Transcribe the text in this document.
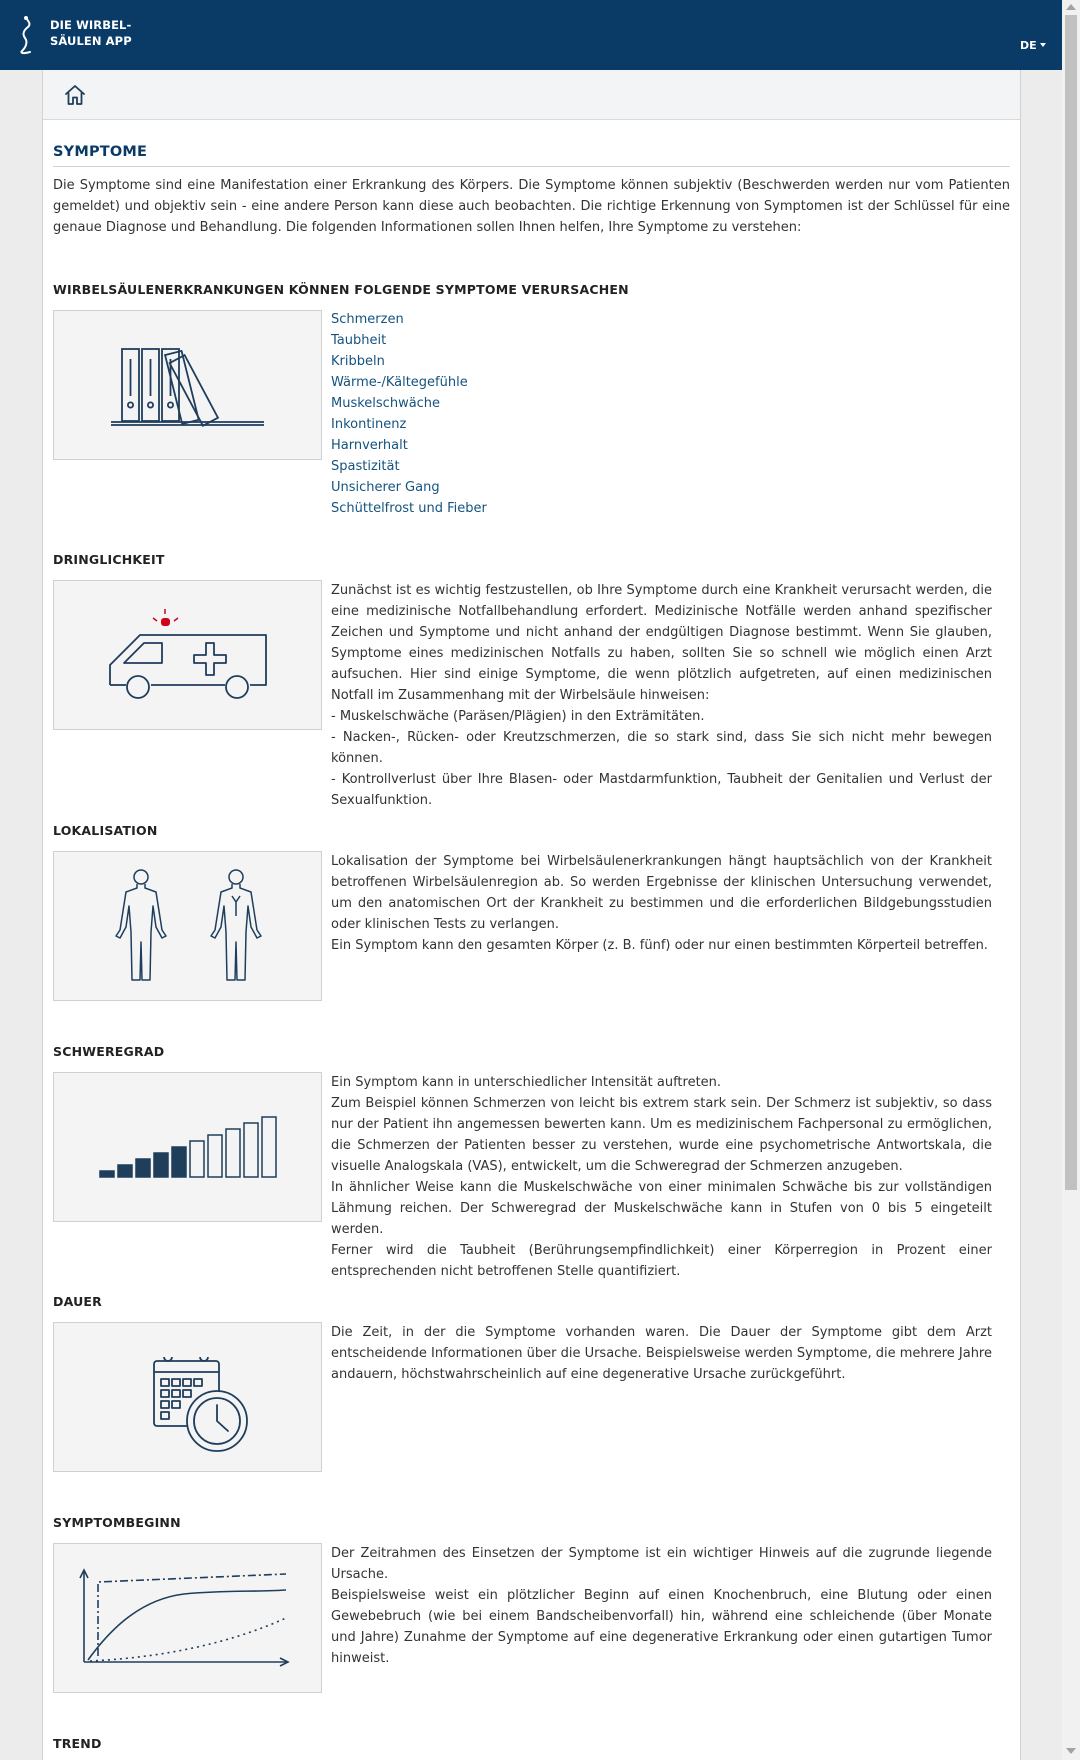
DIE WIRBEL-
SÄULEN APP	DE
SYMPTOME
Die Symptome sind eine Manifestation einer Erkrankung des Körpers. Die Symptome können subjektiv (Beschwerden werden nur vom Patienten gemeldet) und objektiv sein - eine andere Person kann diese auch beobachten. Die richtige Erkennung von Symptomen ist der Schlüssel für eine genaue Diagnose und Behandlung. Die folgenden Informationen sollen Ihnen helfen, Ihre Symptome zu verstehen:
WIRBELSÄULENERKRANKUNGEN KÖNNEN FOLGENDE SYMPTOME VERURSACHEN
Schmerzen
Taubheit
Kribbeln
Wärme-/Kältegefühle
Muskelschwäche
Inkontinenz
Harnverhalt
Spastizität
Unsicherer Gang
Schüttelfrost und Fieber
DRINGLICHKEIT
Zunächst ist es wichtig festzustellen, ob Ihre Symptome durch eine Krankheit verursacht werden, die eine medizinische Notfallbehandlung erfordert. Medizinische Notfälle werden anhand spezifischer Zeichen und Symptome und nicht anhand der endgültigen Diagnose bestimmt. Wenn Sie glauben, Symptome eines medizinischen Notfalls zu haben, sollten Sie so schnell wie möglich einen Arzt aufsuchen. Hier sind einige Symptome, die wenn plötzlich aufgetreten, auf einen medizinischen Notfall im Zusammenhang mit der Wirbelsäule hinweisen:
- Muskelschwäche (Paräsen/Plägien) in den Exträmitäten.
- Nacken-, Rücken- oder Kreutzschmerzen, die so stark sind, dass Sie sich nicht mehr bewegen können.
- Kontrollverlust über Ihre Blasen- oder Mastdarmfunktion, Taubheit der Genitalien und Verlust der Sexualfunktion.
LOKALISATION
Lokalisation der Symptome bei Wirbelsäulenerkrankungen hängt hauptsächlich von der Krankheit betroffenen Wirbelsäulenregion ab. So werden Ergebnisse der klinischen Untersuchung verwendet, um den anatomischen Ort der Krankheit zu bestimmen und die erforderlichen Bildgebungsstudien oder klinischen Tests zu verlangen.
Ein Symptom kann den gesamten Körper (z. B. fünf) oder nur einen bestimmten Körperteil betreffen.
SCHWEREGRAD
Ein Symptom kann in unterschiedlicher Intensität auftreten.
Zum Beispiel können Schmerzen von leicht bis extrem stark sein. Der Schmerz ist subjektiv, so dass nur der Patient ihn angemessen bewerten kann. Um es medizinischem Fachpersonal zu ermöglichen, die Schmerzen der Patienten besser zu verstehen, wurde eine psychometrische Antwortskala, die visuelle Analogskala (VAS), entwickelt, um die Schweregrad der Schmerzen anzugeben.
In ähnlicher Weise kann die Muskelschwäche von einer minimalen Schwäche bis zur vollständigen Lähmung reichen. Der Schweregrad der Muskelschwäche kann in Stufen von 0 bis 5 eingeteilt werden.
Ferner wird die Taubheit (Berührungsempfindlichkeit) einer Körperregion in Prozent einer entsprechenden nicht betroffenen Stelle quantifiziert.
DAUER
Die Zeit, in der die Symptome vorhanden waren. Die Dauer der Symptome gibt dem Arzt entscheidende Informationen über die Ursache. Beispielsweise werden Symptome, die mehrere Jahre andauern, höchstwahrscheinlich auf eine degenerative Ursache zurückgeführt.
SYMPTOMBEGINN
Der Zeitrahmen des Einsetzen der Symptome ist ein wichtiger Hinweis auf die zugrunde liegende Ursache.
Beispielsweise weist ein plötzlicher Beginn auf einen Knochenbruch, eine Blutung oder einen Gewebebruch (wie bei einem Bandscheibenvorfall) hin, während eine schleichende (über Monate und Jahre) Zunahme der Symptome auf eine degenerative Erkrankung oder einen gutartigen Tumor hinweist.
TREND
